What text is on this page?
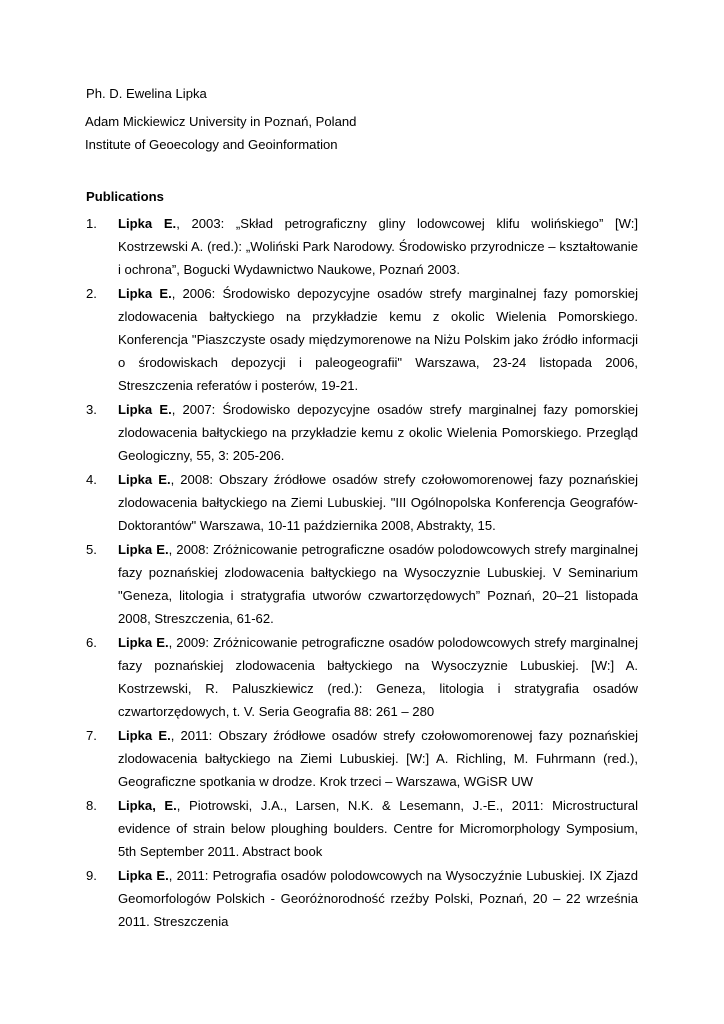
Ph. D. Ewelina Lipka

Adam Mickiewicz University in Poznań, Poland

Institute of Geoecology and Geoinformation

Publications

1. Lipka E., 2003: „Skład petrograficzny gliny lodowcowej klifu wolińskiego” [W:] Kostrzewski A. (red.): „Woliński Park Narodowy. Środowisko przyrodnicze – kształtowanie i ochrona”, Bogucki Wydawnictwo Naukowe, Poznań 2003.
2. Lipka E., 2006: Środowisko depozycyjne osadów strefy marginalnej fazy pomorskiej zlodowacenia bałtyckiego na przykładzie kemu z okolic Wielenia Pomorskiego. Konferencja "Piaszczyste osady międzymorenowe na Niżu Polskim jako źródło informacji o środowiskach depozycji i paleogeografii" Warszawa, 23-24 listopada 2006, Streszczenia referatów i posterów, 19-21.
3. Lipka E., 2007: Środowisko depozycyjne osadów strefy marginalnej fazy pomorskiej zlodowacenia bałtyckiego na przykładzie kemu z okolic Wielenia Pomorskiego. Przegląd Geologiczny, 55, 3: 205-206.
4. Lipka E., 2008: Obszary źródłowe osadów strefy czołowomorenowej fazy poznańskiej zlodowacenia bałtyckiego na Ziemi Lubuskiej. "III Ogólnopolska Konferencja Geografów-Doktorantów" Warszawa, 10-11 października 2008, Abstrakty, 15.
5. Lipka E., 2008: Zróżnicowanie petrograficzne osadów polodowcowych strefy marginalnej fazy poznańskiej zlodowacenia bałtyckiego na Wysoczyznie Lubuskiej. V Seminarium "Geneza, litologia i stratygrafia utworów czwartorzędowych” Poznań, 20–21 listopada 2008, Streszczenia, 61-62.
6. Lipka E., 2009: Zróżnicowanie petrograficzne osadów polodowcowych strefy marginalnej fazy poznańskiej zlodowacenia bałtyckiego na Wysoczyznie Lubuskiej. [W:] A. Kostrzewski, R. Paluszkiewicz (red.): Geneza, litologia i stratygrafia osadów czwartorzędowych, t. V. Seria Geografia 88: 261 – 280
7. Lipka E., 2011: Obszary źródłowe osadów strefy czołowomorenowej fazy poznańskiej zlodowacenia bałtyckiego na Ziemi Lubuskiej. [W:] A. Richling, M. Fuhrmann (red.), Geograficzne spotkania w drodze. Krok trzeci – Warszawa, WGiSR UW
8. Lipka, E., Piotrowski, J.A., Larsen, N.K. & Lesemann, J.-E., 2011: Microstructural evidence of strain below ploughing boulders. Centre for Micromorphology Symposium, 5th September 2011. Abstract book
9. Lipka E., 2011: Petrografia osadów polodowcowych na Wysoczyźnie Lubuskiej. IX Zjazd Geomorfologów Polskich - Georóżnorodność rzeźby Polski, Poznań, 20 – 22 września 2011. Streszczenia
